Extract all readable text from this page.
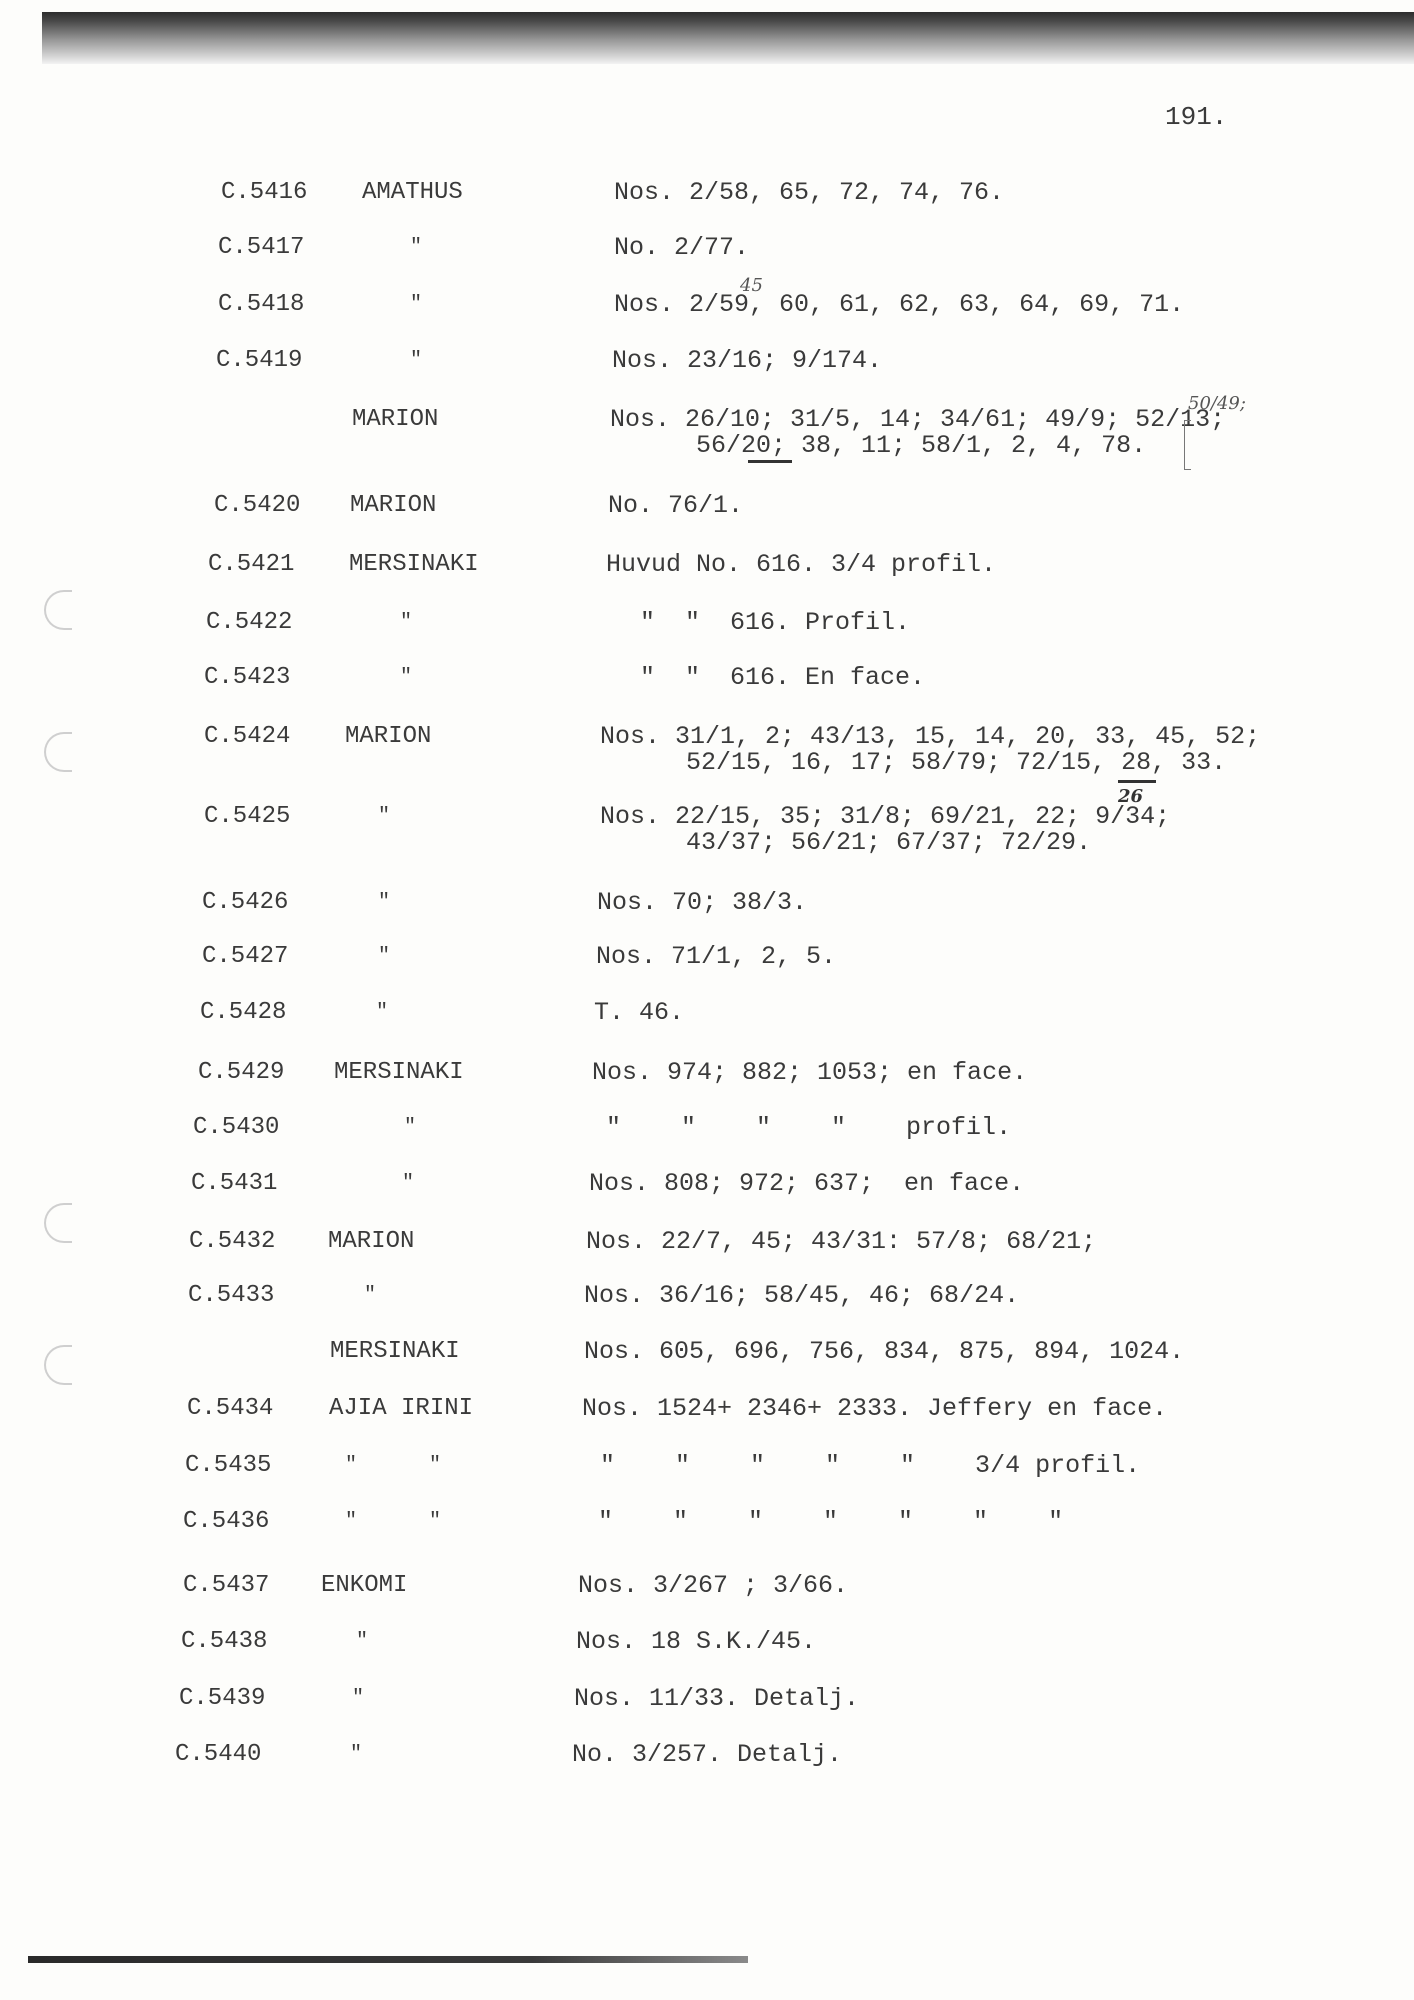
191.
C.5416 AMATHUS	Nos. 2/58, 65, 72, 74, 76.
C.5417	"	No. 2/77.
C.5418	"	Nos. 2/59, 60, 61, 62, 63, 64, 69, 71.
C.5419	"	Nos. 23/16; 9/174.
MARION	Nos. 26/10; 31/5, 14; 34/61; 49/9; 52/13;
56/20; 38, 11; 58/1, 2, 4, 78.
C.5420 MARION	No. 76/1.
C.5421 MERSINAKI	Huvud No. 616. 3/4 profil.
C.5422	"	"  "  616. Profil.
C.5423	"	"  "  616. En face.
C.5424 MARION	Nos. 31/1, 2; 43/13, 15, 14, 20, 33, 45, 52;
52/15, 16, 17; 58/79; 72/15, 28, 33.
C.5425	"	Nos. 22/15, 35; 31/8; 69/21, 22; 9/34;
43/37; 56/21; 67/37; 72/29.
C.5426	"	Nos. 70; 38/3.
C.5427	"	Nos. 71/1, 2, 5.
C.5428	"	T. 46.
C.5429 MERSINAKI	Nos. 974; 882; 1053; en face.
C.5430	"	"    "    "    "    profil.
C.5431	"	Nos. 808; 972; 637;  en face.
C.5432 MARION	Nos. 22/7, 45; 43/31: 57/8; 68/21;
C.5433	"	Nos. 36/16; 58/45, 46; 68/24.
MERSINAKI	Nos. 605, 696, 756, 834, 875, 894, 1024.
C.5434 AJIA IRINI	Nos. 1524+ 2346+ 2333. Jeffery en face.
C.5435	"      "	"    "    "    "    "    3/4 profil.
C.5436	"      "	"    "    "    "    "    "    "
C.5437 ENKOMI	Nos. 3/267 ; 3/66.
C.5438	"	Nos. 18 S.K./45.
C.5439	"	Nos. 11/33. Detalj.
C.5440	"	No. 3/257. Detalj.
45
50/49;
26
